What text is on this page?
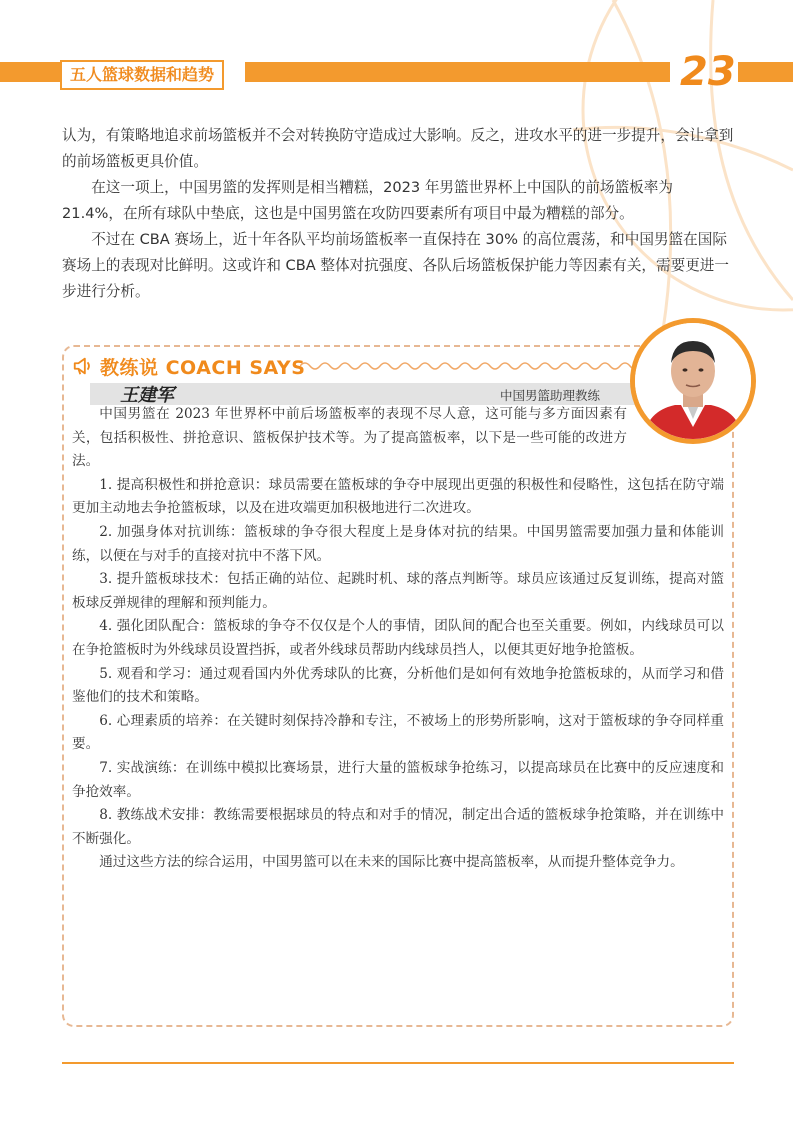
五人篮球数据和趋势	23

认为，有策略地追求前场篮板并不会对转换防守造成过大影响。反之，进攻水平的进一步提升，会让拿到的前场篮板更具价值。

在这一项上，中国男篮的发挥则是相当糟糕，2023 年男篮世界杯上中国队的前场篮板率为 21.4%，在所有球队中垫底，这也是中国男篮在攻防四要素所有项目中最为糟糕的部分。

不过在 CBA 赛场上，近十年各队平均前场篮板率一直保持在 30% 的高位震荡，和中国男篮在国际赛场上的表现对比鲜明。这或许和 CBA 整体对抗强度、各队后场篮板保护能力等因素有关，需要更进一步进行分析。

教练说 COACH SAYS
王建军	中国男篮助理教练

中国男篮在 2023 年世界杯中前后场篮板率的表现不尽人意，这可能与多方面因素有关，包括积极性、拼抢意识、篮板保护技术等。为了提高篮板率，以下是一些可能的改进方法。

1. 提高积极性和拼抢意识：球员需要在篮板球的争夺中展现出更强的积极性和侵略性，这包括在防守端更加主动地去争抢篮板球，以及在进攻端更加积极地进行二次进攻。

2. 加强身体对抗训练：篮板球的争夺很大程度上是身体对抗的结果。中国男篮需要加强力量和体能训练，以便在与对手的直接对抗中不落下风。

3. 提升篮板球技术：包括正确的站位、起跳时机、球的落点判断等。球员应该通过反复训练，提高对篮板球反弹规律的理解和预判能力。

4. 强化团队配合：篮板球的争夺不仅仅是个人的事情，团队间的配合也至关重要。例如，内线球员可以在争抢篮板时为外线球员设置挡拆，或者外线球员帮助内线球员挡人，以便其更好地争抢篮板。

5. 观看和学习：通过观看国内外优秀球队的比赛，分析他们是如何有效地争抢篮板球的，从而学习和借鉴他们的技术和策略。

6. 心理素质的培养：在关键时刻保持冷静和专注，不被场上的形势所影响，这对于篮板球的争夺同样重要。

7. 实战演练：在训练中模拟比赛场景，进行大量的篮板球争抢练习，以提高球员在比赛中的反应速度和争抢效率。

8. 教练战术安排：教练需要根据球员的特点和对手的情况，制定出合适的篮板球争抢策略，并在训练中不断强化。

通过这些方法的综合运用，中国男篮可以在未来的国际比赛中提高篮板率，从而提升整体竞争力。
